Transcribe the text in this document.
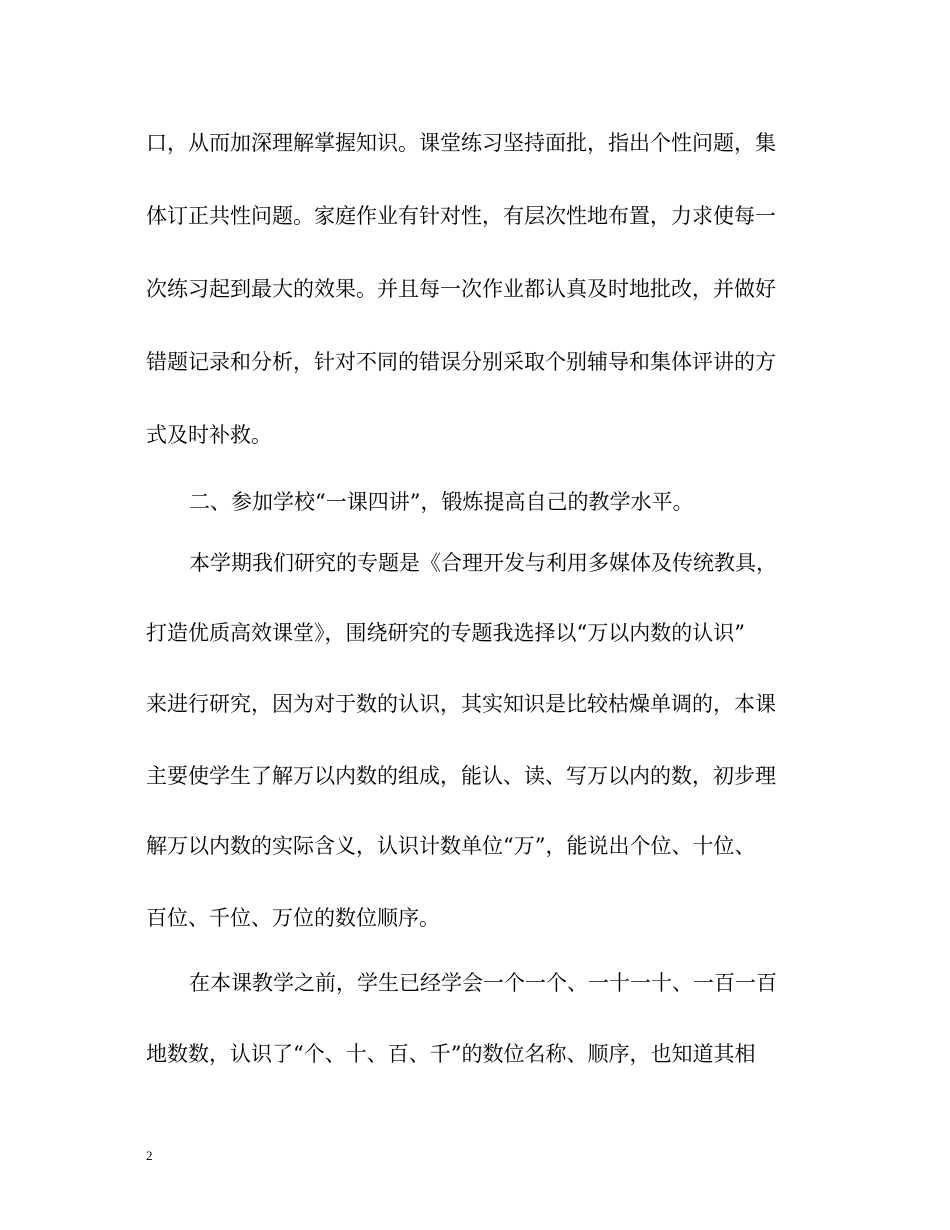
口，从而加深理解掌握知识。课堂练习坚持面批，指出个性问题，集
体订正共性问题。家庭作业有针对性，有层次性地布置，力求使每一
次练习起到最大的效果。并且每一次作业都认真及时地批改，并做好
错题记录和分析，针对不同的错误分别采取个别辅导和集体评讲的方
式及时补救。
二、参加学校“一课四讲”，锻炼提高自己的教学水平。
本学期我们研究的专题是《合理开发与利用多媒体及传统教具，
打造优质高效课堂》，围绕研究的专题我选择以“万以内数的认识”
来进行研究，因为对于数的认识，其实知识是比较枯燥单调的，本课
主要使学生了解万以内数的组成，能认、读、写万以内的数，初步理
解万以内数的实际含义，认识计数单位“万”，能说出个位、十位、
百位、千位、万位的数位顺序。
在本课教学之前，学生已经学会一个一个、一十一十、一百一百
地数数，认识了“个、十、百、千”的数位名称、顺序，也知道其相
2
